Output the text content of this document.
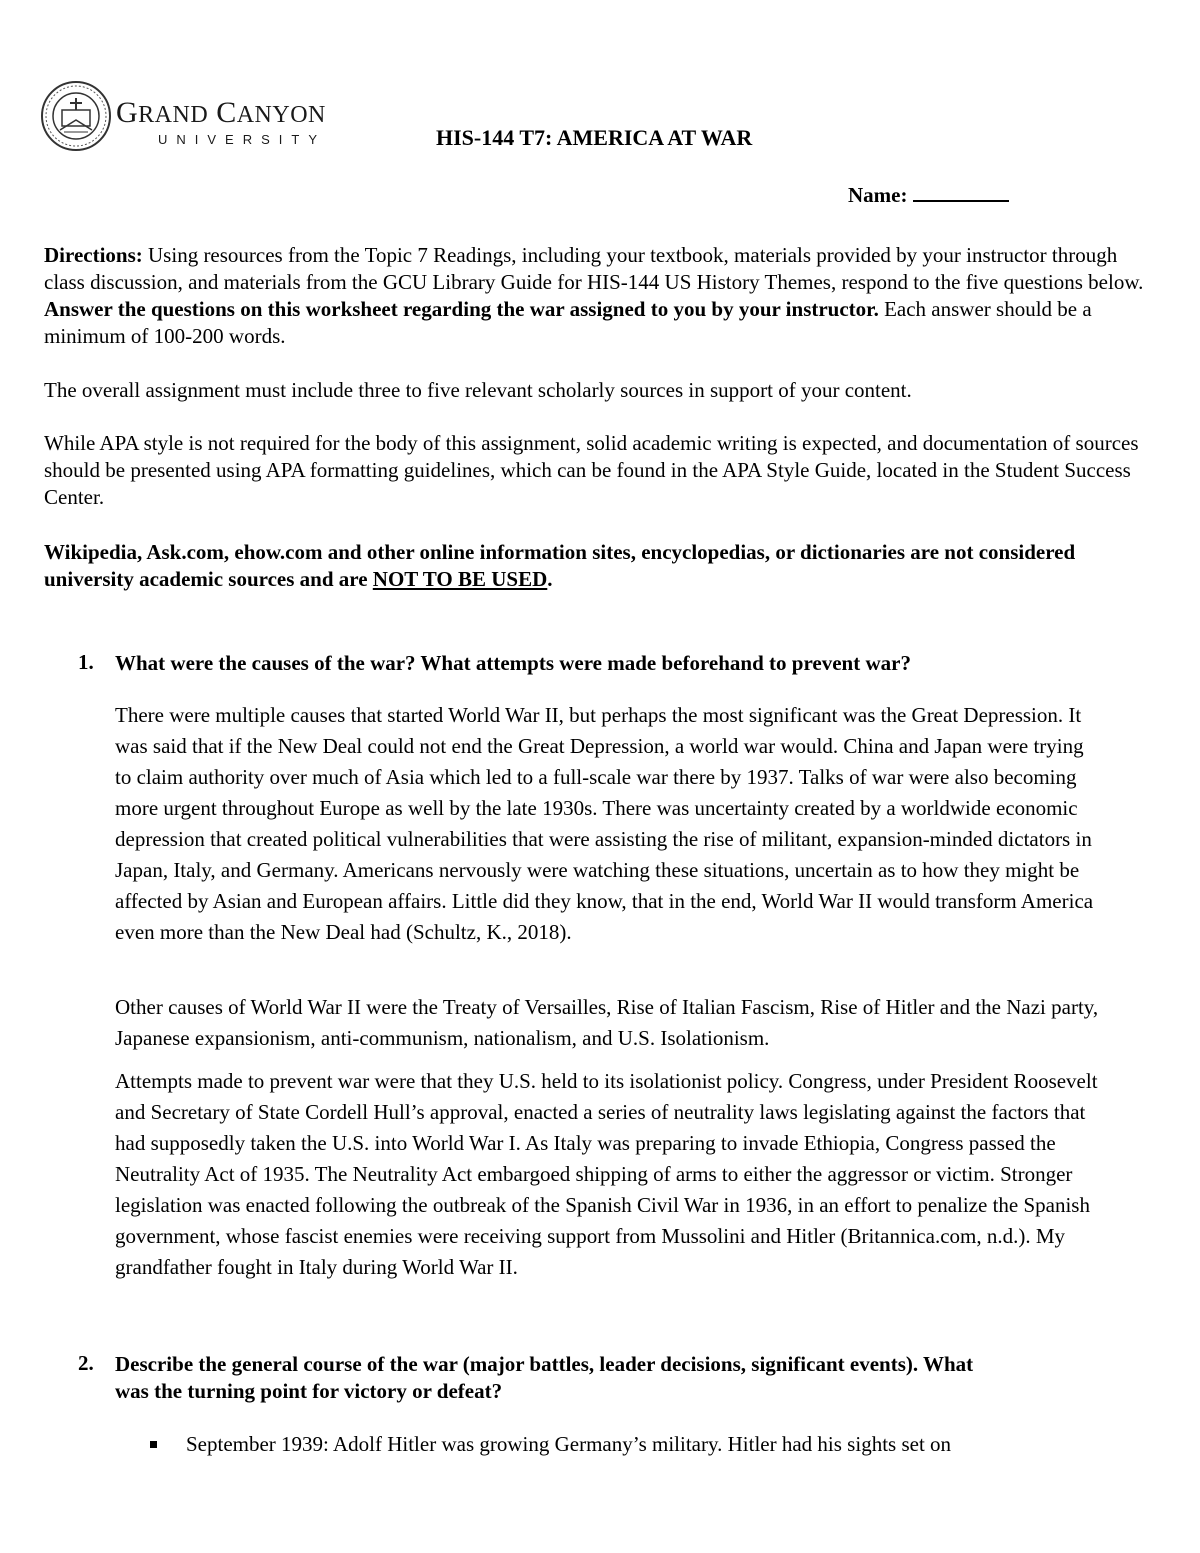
GRAND CANYON
UNIVERSITY	HIS-144 T7: AMERICA AT WAR
Name:

Directions: Using resources from the Topic 7 Readings, including your textbook, materials provided by your instructor through class discussion, and materials from the GCU Library Guide for HIS-144 US History Themes, respond to the five questions below. Answer the questions on this worksheet regarding the war assigned to you by your instructor. Each answer should be a minimum of 100-200 words.

The overall assignment must include three to five relevant scholarly sources in support of your content.

While APA style is not required for the body of this assignment, solid academic writing is expected, and documentation of sources should be presented using APA formatting guidelines, which can be found in the APA Style Guide, located in the Student Success Center.

Wikipedia, Ask.com, ehow.com and other online information sites, encyclopedias, or dictionaries are not considered university academic sources and are NOT TO BE USED.

1. What were the causes of the war? What attempts were made beforehand to prevent war?

There were multiple causes that started World War II, but perhaps the most significant was the Great Depression. It was said that if the New Deal could not end the Great Depression, a world war would. China and Japan were trying to claim authority over much of Asia which led to a full-scale war there by 1937. Talks of war were also becoming more urgent throughout Europe as well by the late 1930s. There was uncertainty created by a worldwide economic depression that created political vulnerabilities that were assisting the rise of militant, expansion-minded dictators in Japan, Italy, and Germany. Americans nervously were watching these situations, uncertain as to how they might be affected by Asian and European affairs. Little did they know, that in the end, World War II would transform America even more than the New Deal had (Schultz, K., 2018).

Other causes of World War II were the Treaty of Versailles, Rise of Italian Fascism, Rise of Hitler and the Nazi party, Japanese expansionism, anti-communism, nationalism, and U.S. Isolationism.

Attempts made to prevent war were that they U.S. held to its isolationist policy. Congress, under President Roosevelt and Secretary of State Cordell Hull’s approval, enacted a series of neutrality laws legislating against the factors that had supposedly taken the U.S. into World War I. As Italy was preparing to invade Ethiopia, Congress passed the Neutrality Act of 1935. The Neutrality Act embargoed shipping of arms to either the aggressor or victim. Stronger legislation was enacted following the outbreak of the Spanish Civil War in 1936, in an effort to penalize the Spanish government, whose fascist enemies were receiving support from Mussolini and Hitler (Britannica.com, n.d.). My grandfather fought in Italy during World War II.

2. Describe the general course of the war (major battles, leader decisions, significant events). What

was the turning point for victory or defeat?

September 1939: Adolf Hitler was growing Germany’s military. Hitler had his sights set on
